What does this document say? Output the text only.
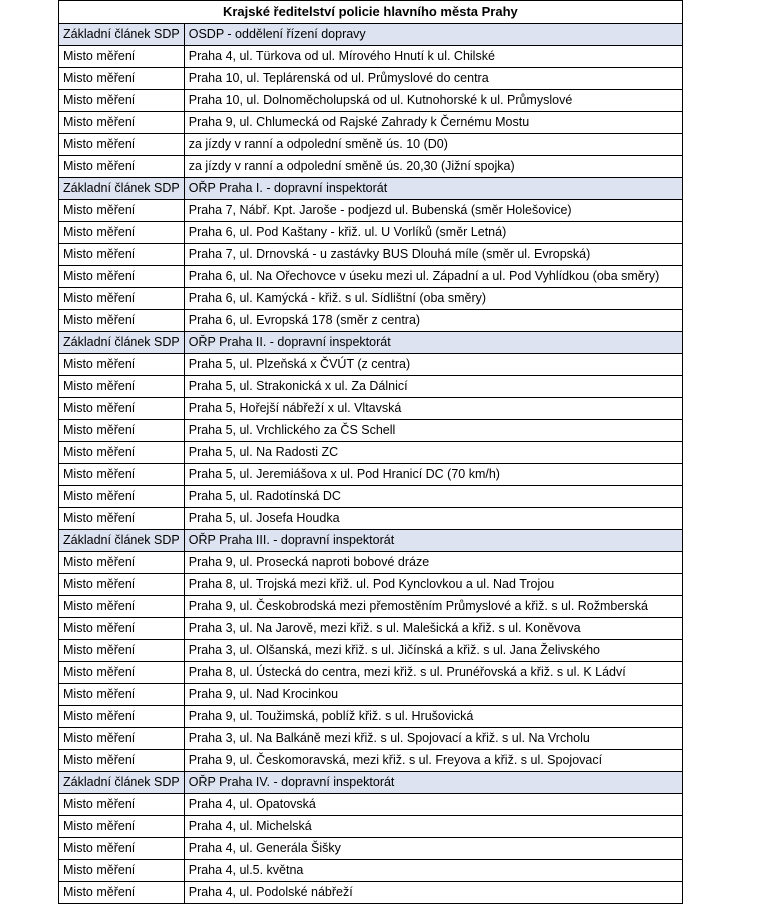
Krajské ředitelství policie hlavního města Prahy	
Základní článek SDP	OSDP - oddělení řízení dopravy
Misto měření	Praha 4, ul. Türkova od ul. Mírového Hnutí k ul. Chilské
Misto měření	Praha 10, ul. Teplárenská od ul. Průmyslové do centra
Misto měření	Praha 10, ul. Dolnoměcholupská od ul. Kutnohorské k ul. Průmyslové
Misto měření	Praha 9, ul. Chlumecká od Rajské Zahrady k Černému Mostu
Misto měření	za jízdy v ranní a odpolední směně ús. 10 (D0)
Misto měření	za jízdy v ranní a odpolední směně ús. 20,30 (Jižní spojka)
Základní článek SDP	OŘP Praha I. - dopravní inspektorát
Misto měření	Praha 7, Nábř. Kpt. Jaroše - podjezd ul. Bubenská (směr Holešovice)
Misto měření	Praha 6, ul. Pod Kaštany - křiž. ul. U Vorlíků (směr Letná)
Misto měření	Praha 7, ul. Drnovská - u zastávky BUS Dlouhá míle (směr ul. Evropská)
Misto měření	Praha 6, ul. Na Ořechovce v úseku mezi ul. Západní a ul. Pod Vyhlídkou (oba směry)
Misto měření	Praha 6, ul. Kamýcká - křiž. s ul. Sídlištní (oba směry)
Misto měření	Praha 6, ul. Evropská 178 (směr z centra)
Základní článek SDP	OŘP Praha II. - dopravní inspektorát
Misto měření	Praha 5, ul. Plzeňská x ČVÚT (z centra)
Misto měření	Praha 5, ul. Strakonická x ul. Za Dálnicí
Misto měření	Praha 5, Hořejší nábřeží x ul. Vltavská
Misto měření	Praha 5, ul. Vrchlického za ČS Schell
Misto měření	Praha 5, ul. Na Radosti ZC
Misto měření	Praha 5, ul. Jeremiášova x ul. Pod Hranicí DC (70 km/h)
Misto měření	Praha 5, ul. Radotínská DC
Misto měření	Praha 5, ul. Josefa Houdka
Základní článek SDP	OŘP Praha III. - dopravní inspektorát
Misto měření	Praha 9, ul. Prosecká naproti bobové dráze
Misto měření	Praha 8, ul. Trojská mezi křiž. ul. Pod Kynclovkou a ul. Nad Trojou
Misto měření	Praha 9, ul. Českobrodská mezi přemostěním Průmyslové a křiž. s ul. Rožmberská
Misto měření	Praha 3, ul. Na Jarově, mezi křiž. s ul. Malešická a křiž. s ul. Koněvova
Misto měření	Praha 3, ul. Olšanská, mezi křiž. s ul. Jičínská a křiž. s ul. Jana Želivského
Misto měření	Praha 8, ul. Ústecká do centra, mezi křiž. s ul. Prunéřovská a křiž. s ul. K Ládví
Misto měření	Praha 9, ul. Nad Krocinkou
Misto měření	Praha 9, ul. Toužimská, poblíž křiž. s ul. Hrušovická
Misto měření	Praha 3, ul. Na Balkáně mezi křiž. s ul. Spojovací a křiž. s ul. Na Vrcholu
Misto měření	Praha 9, ul. Českomoravská, mezi křiž. s ul. Freyova a křiž. s ul. Spojovací
Základní článek SDP	OŘP Praha IV. - dopravní inspektorát
Misto měření	Praha 4, ul. Opatovská
Misto měření	Praha 4, ul. Michelská
Misto měření	Praha 4, ul. Generála Šišky
Misto měření	Praha 4, ul.5. května
Misto měření	Praha 4, ul. Podolské nábřeží
